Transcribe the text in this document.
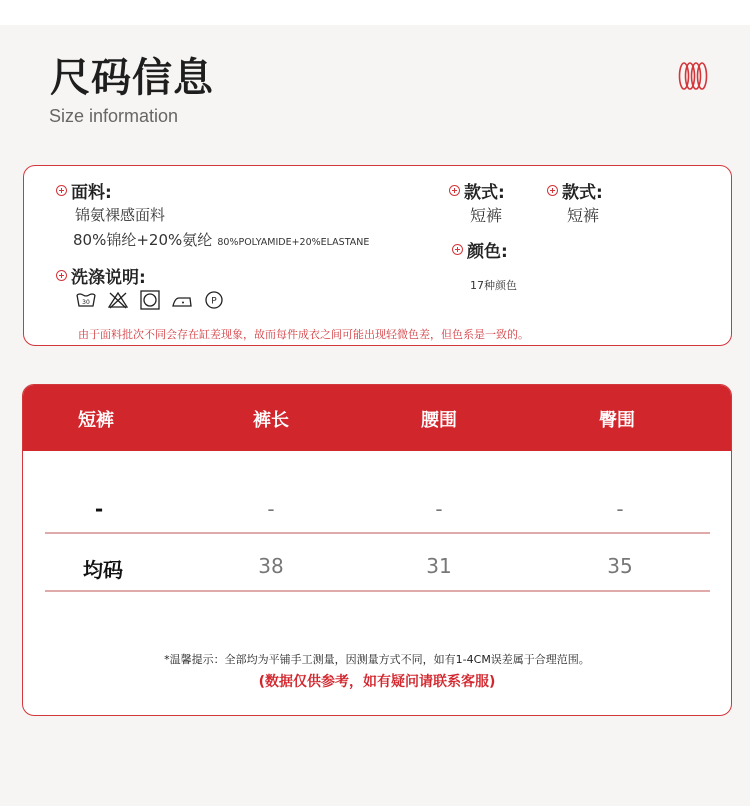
尺码信息
Size information
面料:
锦氨裸感面料
80%锦纶+20%氨纶 80%POLYAMIDE+20%ELASTANE
洗涤说明:
30	P
由于面料批次不同会存在缸差现象，故而每件成衣之间可能出现轻微色差，但色系是一致的。
款式:
短裤
款式:
短裤
颜色:
17种颜色
短裤	裤长	腰围	臀围
-	-	-	-
均码	38	31	35
*温馨提示：全部均为平铺手工测量，因测量方式不同，如有1-4CM误差属于合理范围。
(数据仅供参考，如有疑问请联系客服)
